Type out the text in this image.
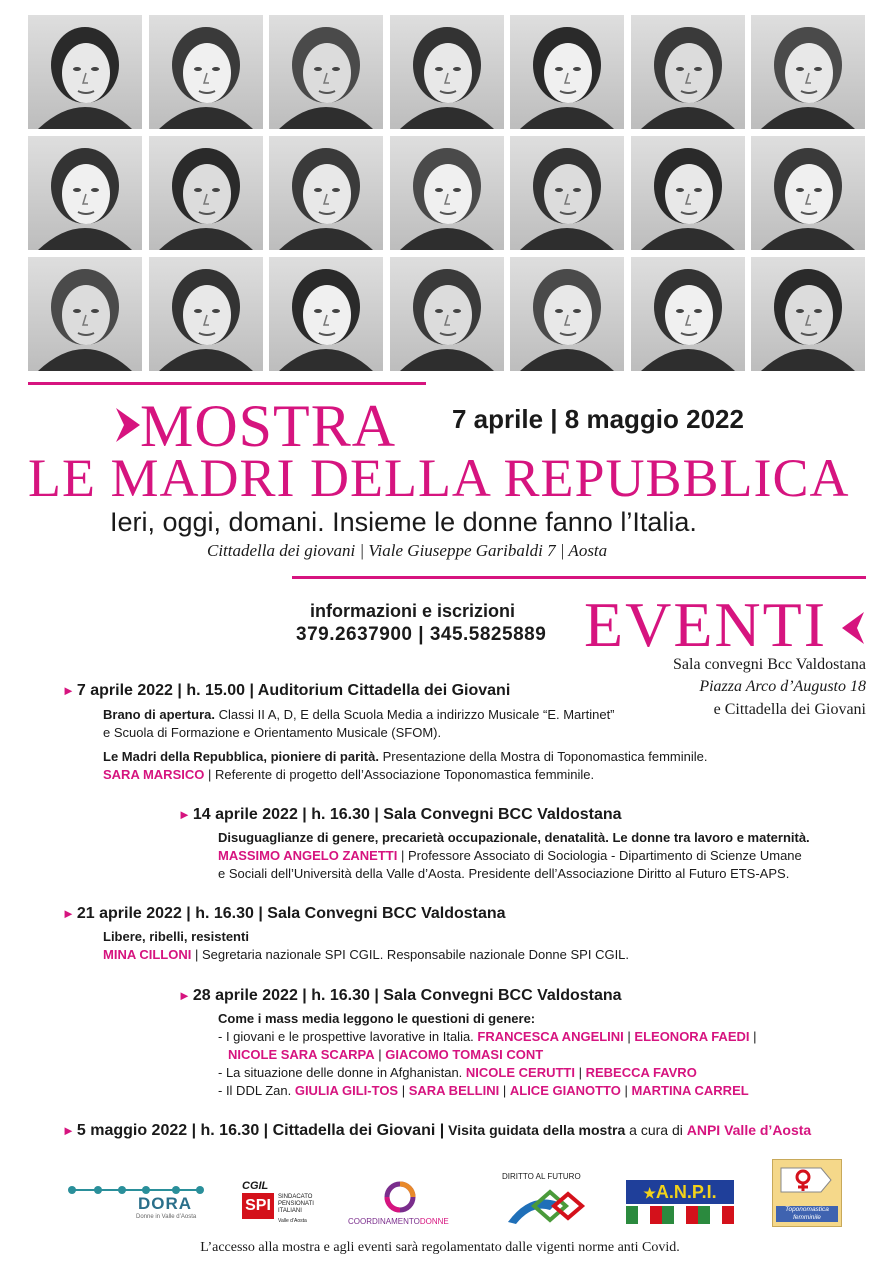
MOSTRA 7 aprile | 8 maggio 2022
LE MADRI DELLA REPUBBLICA
Ieri, oggi, domani. Insieme le donne fanno l’Italia.
Cittadella dei giovani | Viale Giuseppe Garibaldi 7 | Aosta
informazioni e iscrizioni
379.2637900 | 345.5825889 EVENTI
Sala convegni Bcc Valdostana
Piazza Arco d’Augusto 18
e Cittadella dei Giovani
► 7 aprile 2022 | h. 15.00 | Auditorium Cittadella dei Giovani
Brano di apertura. Classi II A, D, E della Scuola Media a indirizzo Musicale “E. Martinet”
e Scuola di Formazione e Orientamento Musicale (SFOM).
Le Madri della Repubblica, pioniere di parità. Presentazione della Mostra di Toponomastica femminile.
SARA MARSICO | Referente di progetto dell’Associazione Toponomastica femminile.
► 14 aprile 2022 | h. 16.30 | Sala Convegni BCC Valdostana
Disuguaglianze di genere, precarietà occupazionale, denatalità. Le donne tra lavoro e maternità.
MASSIMO ANGELO ZANETTI | Professore Associato di Sociologia - Dipartimento di Scienze Umane
e Sociali dell’Università della Valle d’Aosta. Presidente dell’Associazione Diritto al Futuro ETS-APS.
► 21 aprile 2022 | h. 16.30 | Sala Convegni BCC Valdostana
Libere, ribelli, resistenti
MINA CILLONI | Segretaria nazionale SPI CGIL. Responsabile nazionale Donne SPI CGIL.
► 28 aprile 2022 | h. 16.30 | Sala Convegni BCC Valdostana
Come i mass media leggono le questioni di genere:
- I giovani e le prospettive lavorative in Italia. FRANCESCA ANGELINI | ELEONORA FAEDI |
NICOLE SARA SCARPA | GIACOMO TOMASI CONT
- La situazione delle donne in Afghanistan. NICOLE CERUTTI | REBECCA FAVRO
- Il DDL Zan. GIULIA GILI-TOS | SARA BELLINI | ALICE GIANOTTO | MARTINA CARREL
► 5 maggio 2022 | h. 16.30 | Cittadella dei Giovani | Visita guidata della mostra a cura di ANPI Valle d’Aosta
DORA
Donne in Valle d’Aosta
CGIL
SPI	SINDACATO
PENSIONATI
ITALIANI
Valle d’Aosta	COORDINAMENTODONNE
DIRITTO AL FUTURO
★A.N.P.I.
Toponomastica femminile
L’accesso alla mostra e agli eventi sarà regolamentato dalle vigenti norme anti Covid.
